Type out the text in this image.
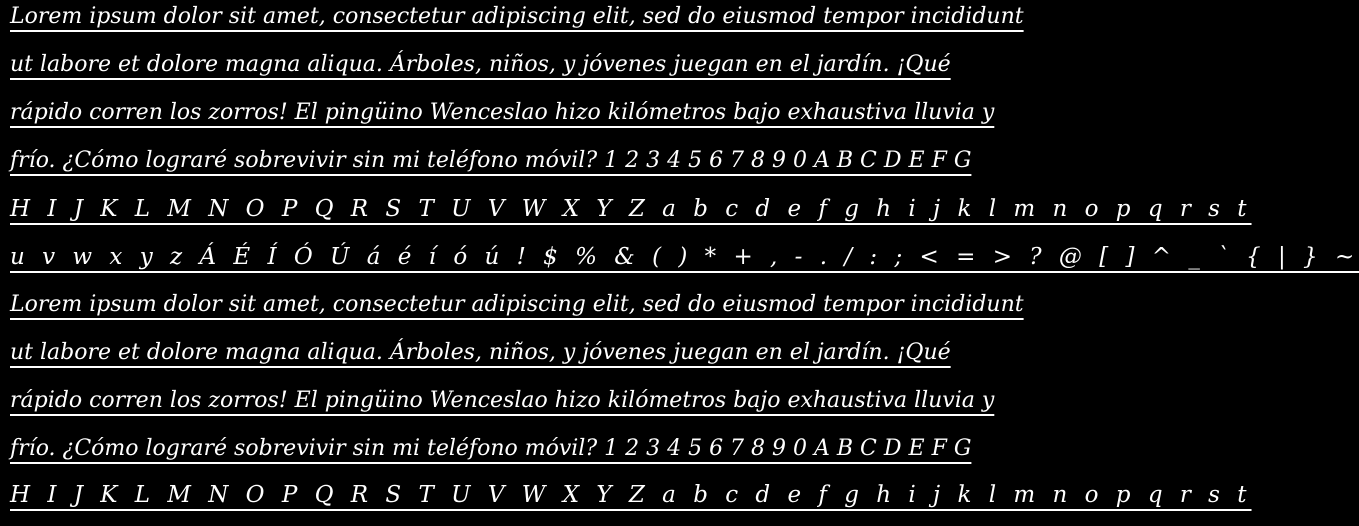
Lorem ipsum dolor sit amet, consectetur adipiscing elit, sed do eiusmod tempor incididunt
ut labore et dolore magna aliqua. Árboles, niños, y jóvenes juegan en el jardín. ¡Qué
rápido corren los zorros! El pingüino Wenceslao hizo kilómetros bajo exhaustiva lluvia y
frío. ¿Cómo lograré sobrevivir sin mi teléfono móvil? 1 2 3 4 5 6 7 8 9 0 A B C D E F G
H I J K L M N O P Q R S T U V W X Y Z a b c d e f g h i j k l m n o p q r s t
u v w x y z Á É Í Ó Ú á é í ó ú ! $ % & ( ) * + , - . / : ; < = > ? @ [ ] ^ _ ` { | } ~
Lorem ipsum dolor sit amet, consectetur adipiscing elit, sed do eiusmod tempor incididunt
ut labore et dolore magna aliqua. Árboles, niños, y jóvenes juegan en el jardín. ¡Qué
rápido corren los zorros! El pingüino Wenceslao hizo kilómetros bajo exhaustiva lluvia y
frío. ¿Cómo lograré sobrevivir sin mi teléfono móvil? 1 2 3 4 5 6 7 8 9 0 A B C D E F G
H I J K L M N O P Q R S T U V W X Y Z a b c d e f g h i j k l m n o p q r s t
